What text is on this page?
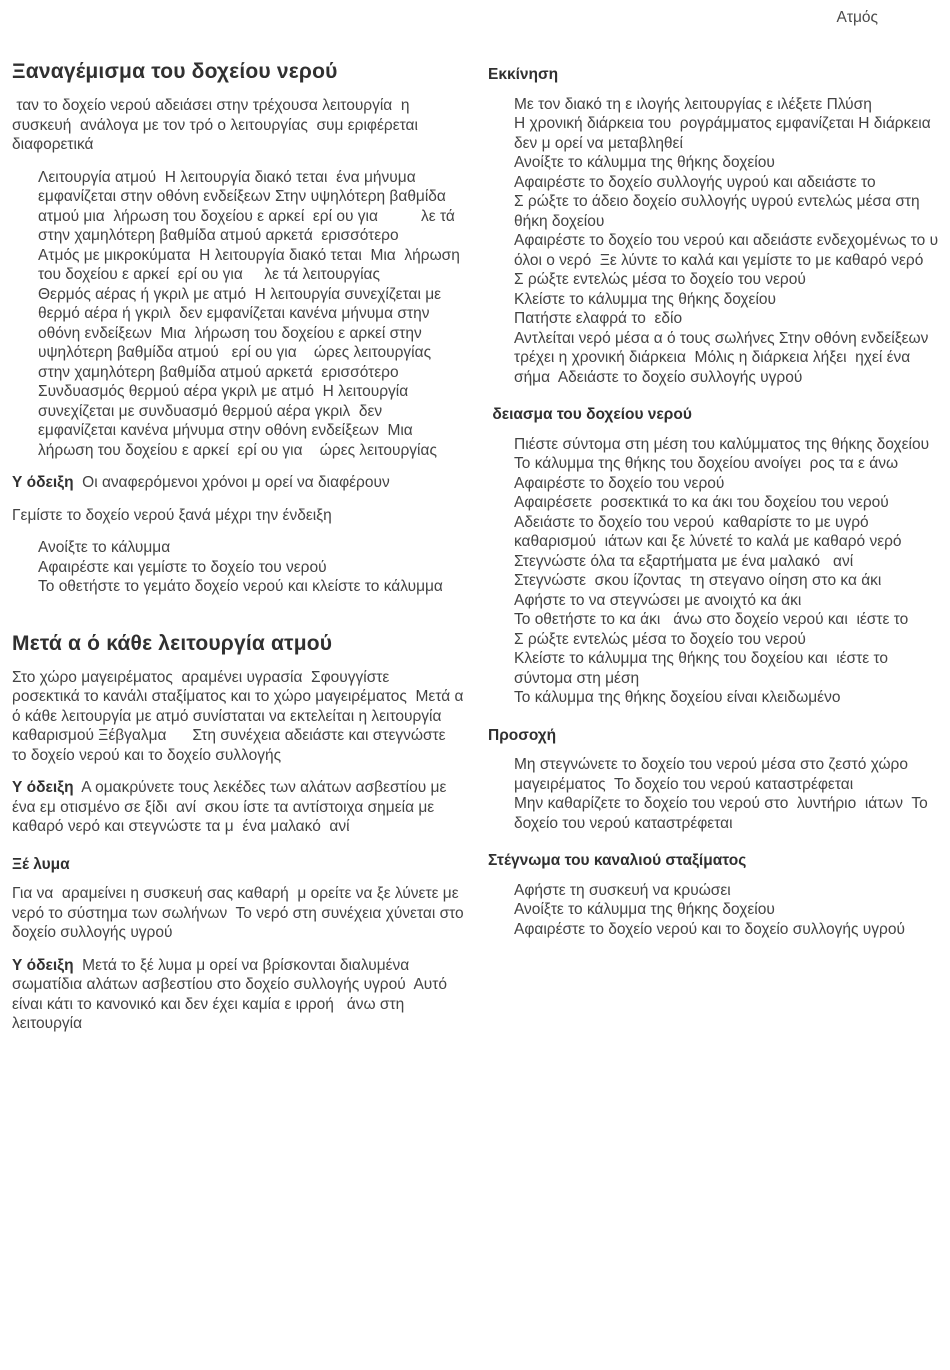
Ατμός
Ξαναγέμισμα του δοχείου νερού

ταν το δοχείο νερού αδειάσει στην τρέχουσα λειτουργία  η συσκευή  ανάλογα με τον τρό ο λειτουργίας  συμ εριφέρεται διαφορετικά

Λειτουργία ατμού  Η λειτουργία διακό τεται  ένα μήνυμα εμφανίζεται στην οθόνη ενδείξεων Στην υψηλότερη βαθμίδα ατμού μια  λήρωση του δοχείου ε αρκεί  ερί ου για          λε τά  στην χαμηλότερη βαθμίδα ατμού αρκετά  ερισσότερο
Ατμός με μικροκύματα  Η λειτουργία διακό τεται  Μια  λήρωση του δοχείου ε αρκεί  ερί ου για     λε τά λειτουργίας
Θερμός αέρας ή γκριλ με ατμό  Η λειτουργία συνεχίζεται με θερμό αέρα ή γκριλ  δεν εμφανίζεται κανένα μήνυμα στην οθόνη ενδείξεων  Μια  λήρωση του δοχείου ε αρκεί στην υψηλότερη βαθμίδα ατμού   ερί ου για    ώρες λειτουργίας  στην χαμηλότερη βαθμίδα ατμού αρκετά  ερισσότερο
Συνδυασμός θερμού αέρα γκριλ με ατμό  Η λειτουργία συνεχίζεται με συνδυασμό θερμού αέρα γκριλ  δεν εμφανίζεται κανένα μήνυμα στην οθόνη ενδείξεων  Μια  λήρωση του δοχείου ε αρκεί  ερί ου για    ώρες λειτουργίας

Υ όδειξη  Οι αναφερόμενοι χρόνοι μ ορεί να διαφέρουν

Γεμίστε το δοχείο νερού ξανά μέχρι την ένδειξη

Ανοίξτε το κάλυμμα
Αφαιρέστε και γεμίστε το δοχείο του νερού
Το οθετήστε το γεμάτο δοχείο νερού και κλείστε το κάλυμμα
Μετά α ό κάθε λειτουργία ατμού

Στο χώρο μαγειρέματος  αραμένει υγρασία  Σφουγγίστε  ροσεκτικά το κανάλι σταξίματος και το χώρο μαγειρέματος  Μετά α ό κάθε λειτουργία με ατμό συνίσταται να εκτελείται η λειτουργία καθαρισμού Ξέβγαλμα      Στη συνέχεια αδειάστε και στεγνώστε το δοχείο νερού και το δοχείο συλλογής

Υ όδειξη  Α ομακρύνετε τους λεκέδες των αλάτων ασβεστίου με ένα εμ οτισμένο σε ξίδι  ανί  σκου ίστε τα αντίστοιχα σημεία με καθαρό νερό και στεγνώστε τα μ  ένα μαλακό  ανί

Ξέ λυμα

Για να  αραμείνει η συσκευή σας καθαρή  μ ορείτε να ξε λύνετε με νερό το σύστημα των σωλήνων  Το νερό στη συνέχεια χύνεται στο δοχείο συλλογής υγρού

Υ όδειξη  Μετά το ξέ λυμα μ ορεί να βρίσκονται διαλυμένα σωματίδια αλάτων ασβεστίου στο δοχείο συλλογής υγρού  Αυτό είναι κάτι το κανονικό και δεν έχει καμία ε ιρροή   άνω στη λειτουργία

Εκκίνηση
Με τον διακό τη ε ιλογής λειτουργίας ε ιλέξετε Πλύση
Η χρονική διάρκεια του  ρογράμματος εμφανίζεται Η διάρκεια δεν μ ορεί να μεταβληθεί
Ανοίξτε το κάλυμμα της θήκης δοχείου
Αφαιρέστε το δοχείο συλλογής υγρού και αδειάστε το
Σ ρώξτε το άδειο δοχείο συλλογής υγρού εντελώς μέσα στη θήκη δοχείου
Αφαιρέστε το δοχείο του νερού και αδειάστε ενδεχομένως το υ όλοι ο νερό  Ξε λύντε το καλά και γεμίστε το με καθαρό νερό
Σ ρώξτε εντελώς μέσα το δοχείο του νερού
Κλείστε το κάλυμμα της θήκης δοχείου
Πατήστε ελαφρά το  εδίο
Αντλείται νερό μέσα α ό τους σωλήνες Στην οθόνη ενδείξεων τρέχει η χρονική διάρκεια  Μόλις η διάρκεια λήξει  ηχεί ένα σήμα  Αδειάστε το δοχείο συλλογής υγρού
δειασμα του δοχείου νερού
Πιέστε σύντομα στη μέση του καλύμματος της θήκης δοχείου
Το κάλυμμα της θήκης του δοχείου ανοίγει  ρος τα ε άνω
Αφαιρέστε το δοχείο του νερού
Αφαιρέσετε  ροσεκτικά το κα άκι του δοχείου του νερού
Αδειάστε το δοχείο του νερού  καθαρίστε το με υγρό καθαρισμού  ιάτων και ξε λύνετέ το καλά με καθαρό νερό
Στεγνώστε όλα τα εξαρτήματα με ένα μαλακό   ανί
Στεγνώστε  σκου ίζοντας  τη στεγανο οίηση στο κα άκι
Αφήστε το να στεγνώσει με ανοιχτό κα άκι
Το οθετήστε το κα άκι   άνω στο δοχείο νερού και  ιέστε το
Σ ρώξτε εντελώς μέσα το δοχείο του νερού
Κλείστε το κάλυμμα της θήκης του δοχείου και  ιέστε το σύντομα στη μέση
Το κάλυμμα της θήκης δοχείου είναι κλειδωμένο
Προσοχή
Μη στεγνώνετε το δοχείο του νερού μέσα στο ζεστό χώρο μαγειρέματος  Το δοχείο του νερού καταστρέφεται
Μην καθαρίζετε το δοχείο του νερού στο  λυντήριο  ιάτων  Το δοχείο του νερού καταστρέφεται
Στέγνωμα του καναλιού σταξίματος
Αφήστε τη συσκευή να κρυώσει
Ανοίξτε το κάλυμμα της θήκης δοχείου
Αφαιρέστε το δοχείο νερού και το δοχείο συλλογής υγρού
